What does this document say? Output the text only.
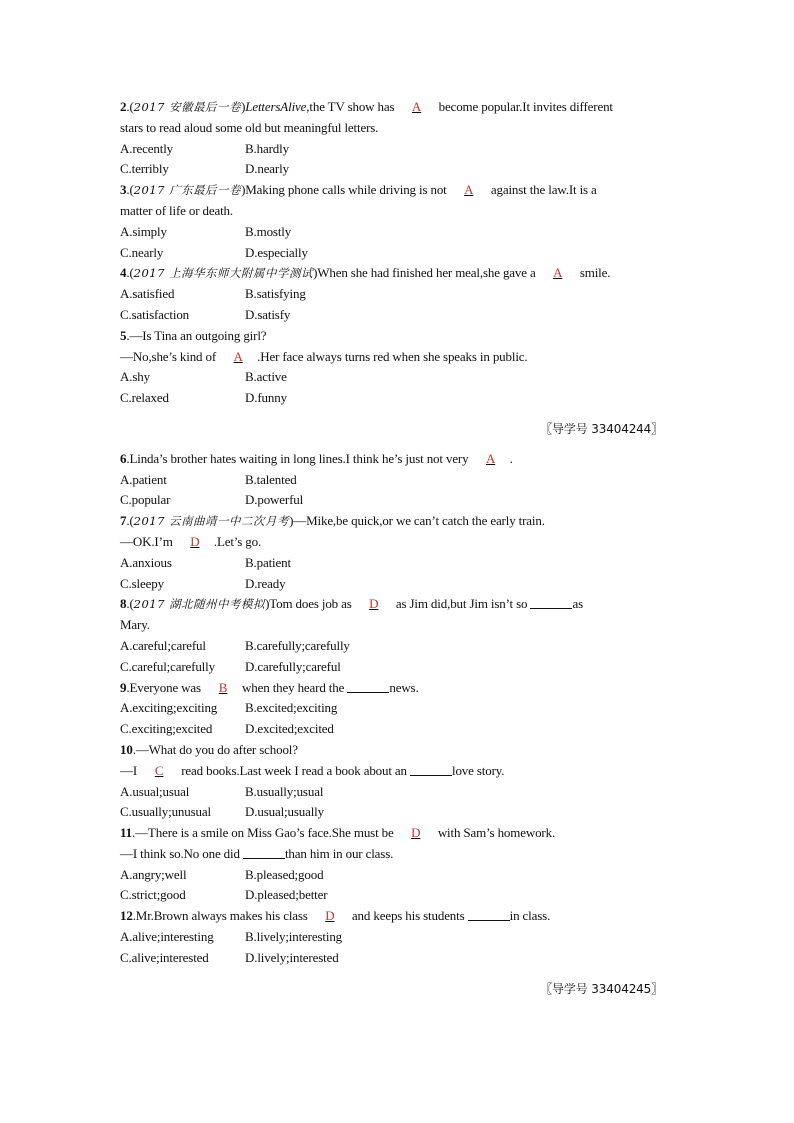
2.(2017 安徽最后一卷)LettersAlive,the TV show has A become popular.It invites different
stars to read aloud some old but meaningful letters.
A.recently	B.hardly
C.terribly	D.nearly
3.(2017 广东最后一卷)Making phone calls while driving is not A against the law.It is a
matter of life or death.
A.simply	B.mostly
C.nearly	D.especially
4.(2017 上海华东师大附属中学测试)When she had finished her meal,she gave a A smile.
A.satisfied	B.satisfying
C.satisfaction	D.satisfy
5.—Is Tina an outgoing girl?
—No,she’s kind of A .Her face always turns red when she speaks in public.
A.shy	B.active
C.relaxed	D.funny
〖导学号 33404244〗
6.Linda’s brother hates waiting in long lines.I think he’s just not very A .
A.patient	B.talented
C.popular	D.powerful
7.(2017 云南曲靖一中二次月考)—Mike,be quick,or we can’t catch the early train.
—OK.I’m D .Let’s go.
A.anxious	B.patient
C.sleepy	D.ready
8.(2017 湖北随州中考模拟)Tom does job as D as Jim did,but Jim isn’t so	as
Mary.
A.careful;careful	B.carefully;carefully
C.careful;carefully	D.carefully;careful
9.Everyone was B when they heard the	news.
A.exciting;exciting	B.excited;exciting
C.exciting;excited	D.excited;excited
10.—What do you do after school?
—I C read books.Last week I read a book about an	love story.
A.usual;usual	B.usually;usual
C.usually;unusual	D.usual;usually
11.—There is a smile on Miss Gao’s face.She must be D with Sam’s homework.
—I think so.No one did	than him in our class.
A.angry;well	B.pleased;good
C.strict;good	D.pleased;better
12.Mr.Brown always makes his class D and keeps his students	in class.
A.alive;interesting	B.lively;interesting
C.alive;interested	D.lively;interested
〖导学号 33404245〗
